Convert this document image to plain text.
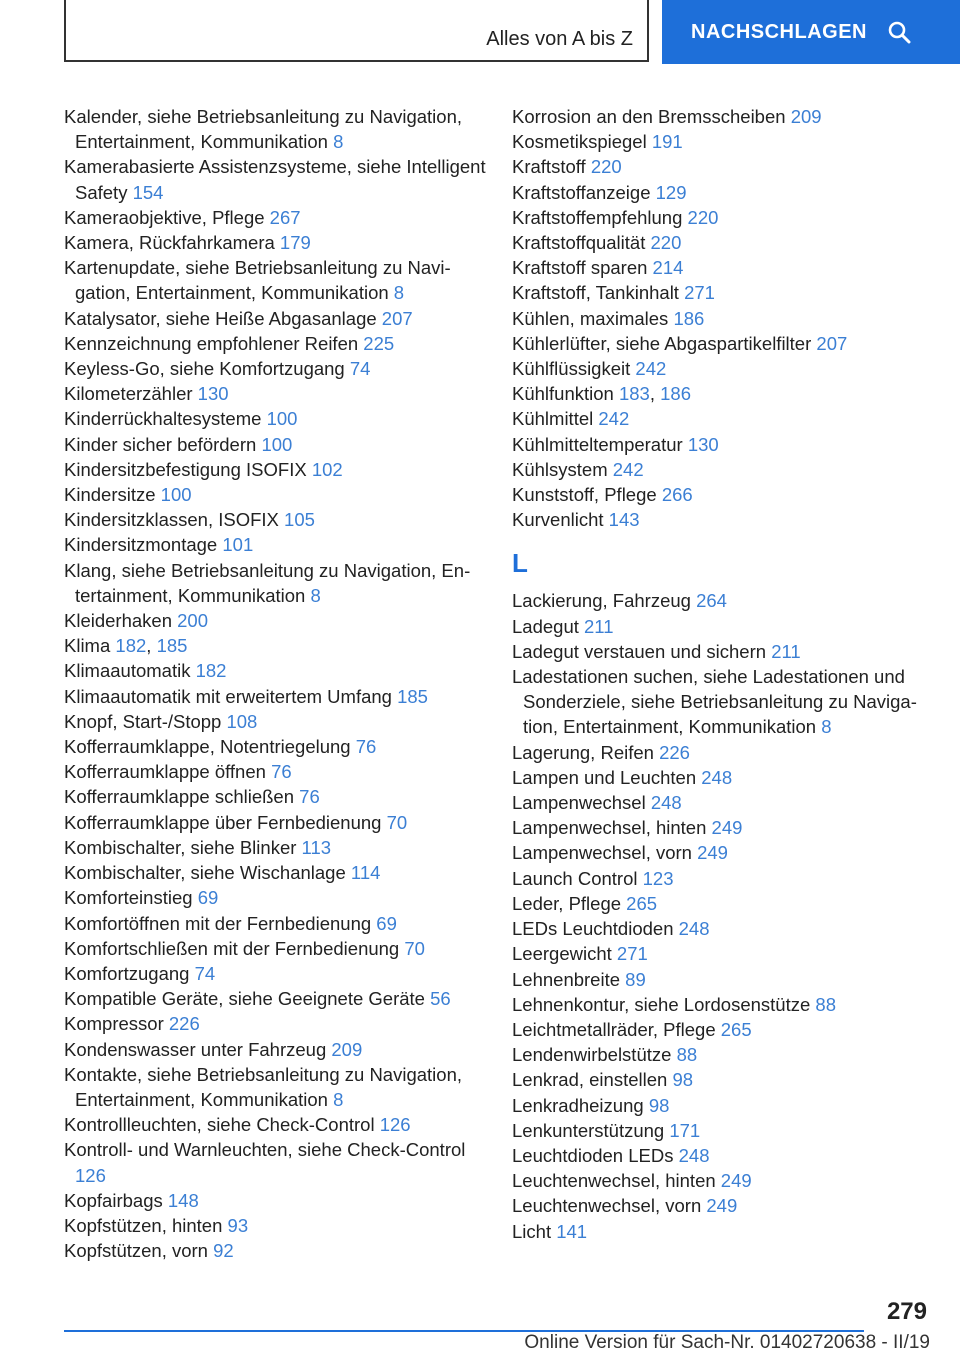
Alles von A bis Z	NACHSCHLAGEN
Kalender, siehe Betriebsanleitung zu Navigation, Entertainment, Kommunikation 8
Kamerabasierte Assistenzsysteme, siehe Intelligent Safety 154
Kameraobjektive, Pflege 267
Kamera, Rückfahrkamera 179
Kartenupdate, siehe Betriebsanleitung zu Navigation, Entertainment, Kommunikation 8
Katalysator, siehe Heiße Abgasanlage 207
Kennzeichnung empfohlener Reifen 225
Keyless-Go, siehe Komfortzugang 74
Kilometerzähler 130
Kinderrückhaltesysteme 100
Kinder sicher befördern 100
Kindersitzbefestigung ISOFIX 102
Kindersitze 100
Kindersitzklassen, ISOFIX 105
Kindersitzmontage 101
Klang, siehe Betriebsanleitung zu Navigation, Entertainment, Kommunikation 8
Kleiderhaken 200
Klima 182, 185
Klimaautomatik 182
Klimaautomatik mit erweitertem Umfang 185
Knopf, Start-/Stopp 108
Kofferraumklappe, Notentriegelung 76
Kofferraumklappe öffnen 76
Kofferraumklappe schließen 76
Kofferraumklappe über Fernbedienung 70
Kombischalter, siehe Blinker 113
Kombischalter, siehe Wischanlage 114
Komforteinstieg 69
Komfortöffnen mit der Fernbedienung 69
Komfortschließen mit der Fernbedienung 70
Komfortzugang 74
Kompatible Geräte, siehe Geeignete Geräte 56
Kompressor 226
Kondenswasser unter Fahrzeug 209
Kontakte, siehe Betriebsanleitung zu Navigation, Entertainment, Kommunikation 8
Kontrollleuchten, siehe Check-Control 126
Kontroll- und Warnleuchten, siehe Check-Control 126
Kopfairbags 148
Kopfstützen, hinten 93
Kopfstützen, vorn 92
Korrosion an den Bremsscheiben 209
Kosmetikspiegel 191
Kraftstoff 220
Kraftstoffanzeige 129
Kraftstoffempfehlung 220
Kraftstoffqualität 220
Kraftstoff sparen 214
Kraftstoff, Tankinhalt 271
Kühlen, maximales 186
Kühlerlüfter, siehe Abgaspartikelfilter 207
Kühlflüssigkeit 242
Kühlfunktion 183, 186
Kühlmittel 242
Kühlmitteltemperatur 130
Kühlsystem 242
Kunststoff, Pflege 266
Kurvenlicht 143
L
Lackierung, Fahrzeug 264
Ladegut 211
Ladegut verstauen und sichern 211
Ladestationen suchen, siehe Ladestationen und Sonderziele, siehe Betriebsanleitung zu Navigation, Entertainment, Kommunikation 8
Lagerung, Reifen 226
Lampen und Leuchten 248
Lampenwechsel 248
Lampenwechsel, hinten 249
Lampenwechsel, vorn 249
Launch Control 123
Leder, Pflege 265
LEDs Leuchtdioden 248
Leergewicht 271
Lehnenbreite 89
Lehnenkontur, siehe Lordosenstütze 88
Leichtmetallräder, Pflege 265
Lendenwirbelstütze 88
Lenkrad, einstellen 98
Lenkradheizung 98
Lenkunterstützung 171
Leuchtdioden LEDs 248
Leuchtenwechsel, hinten 249
Leuchtenwechsel, vorn 249
Licht 141
279
Online Version für Sach-Nr. 01402720638 - II/19
